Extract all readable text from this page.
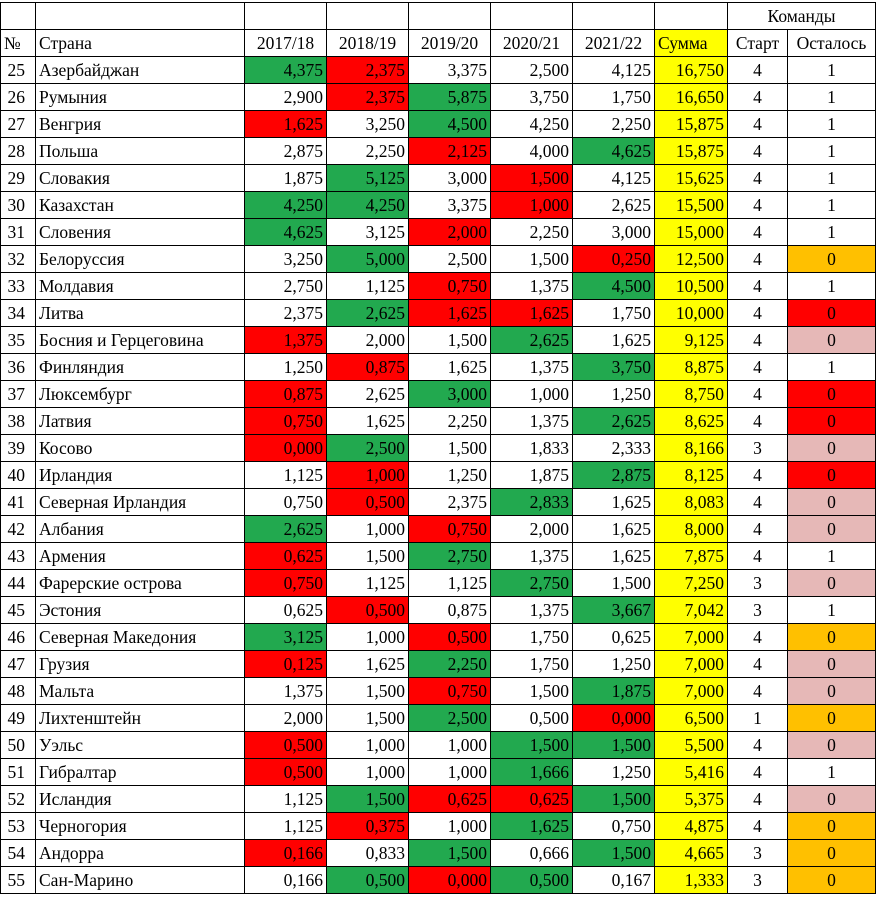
								Команды	
№	Страна	2017/18	2018/19	2019/20	2020/21	2021/22	Сумма	Старт	Осталось
25	Азербайджан	4,375	2,375	3,375	2,500	4,125	16,750	4	1
26	Румыния	2,900	2,375	5,875	3,750	1,750	16,650	4	1
27	Венгрия	1,625	3,250	4,500	4,250	2,250	15,875	4	1
28	Польша	2,875	2,250	2,125	4,000	4,625	15,875	4	1
29	Словакия	1,875	5,125	3,000	1,500	4,125	15,625	4	1
30	Казахстан	4,250	4,250	3,375	1,000	2,625	15,500	4	1
31	Словения	4,625	3,125	2,000	2,250	3,000	15,000	4	1
32	Белоруссия	3,250	5,000	2,500	1,500	0,250	12,500	4	0
33	Молдавия	2,750	1,125	0,750	1,375	4,500	10,500	4	1
34	Литва	2,375	2,625	1,625	1,625	1,750	10,000	4	0
35	Босния и Герцеговина	1,375	2,000	1,500	2,625	1,625	9,125	4	0
36	Финляндия	1,250	0,875	1,625	1,375	3,750	8,875	4	1
37	Люксембург	0,875	2,625	3,000	1,000	1,250	8,750	4	0
38	Латвия	0,750	1,625	2,250	1,375	2,625	8,625	4	0
39	Косово	0,000	2,500	1,500	1,833	2,333	8,166	3	0
40	Ирландия	1,125	1,000	1,250	1,875	2,875	8,125	4	0
41	Северная Ирландия	0,750	0,500	2,375	2,833	1,625	8,083	4	0
42	Албания	2,625	1,000	0,750	2,000	1,625	8,000	4	0
43	Армения	0,625	1,500	2,750	1,375	1,625	7,875	4	1
44	Фарерские острова	0,750	1,125	1,125	2,750	1,500	7,250	3	0
45	Эстония	0,625	0,500	0,875	1,375	3,667	7,042	3	1
46	Северная Македония	3,125	1,000	0,500	1,750	0,625	7,000	4	0
47	Грузия	0,125	1,625	2,250	1,750	1,250	7,000	4	0
48	Мальта	1,375	1,500	0,750	1,500	1,875	7,000	4	0
49	Лихтенштейн	2,000	1,500	2,500	0,500	0,000	6,500	1	0
50	Уэльс	0,500	1,000	1,000	1,500	1,500	5,500	4	0
51	Гибралтар	0,500	1,000	1,000	1,666	1,250	5,416	4	1
52	Исландия	1,125	1,500	0,625	0,625	1,500	5,375	4	0
53	Черногория	1,125	0,375	1,000	1,625	0,750	4,875	4	0
54	Андорра	0,166	0,833	1,500	0,666	1,500	4,665	3	0
55	Сан-Марино	0,166	0,500	0,000	0,500	0,167	1,333	3	0
